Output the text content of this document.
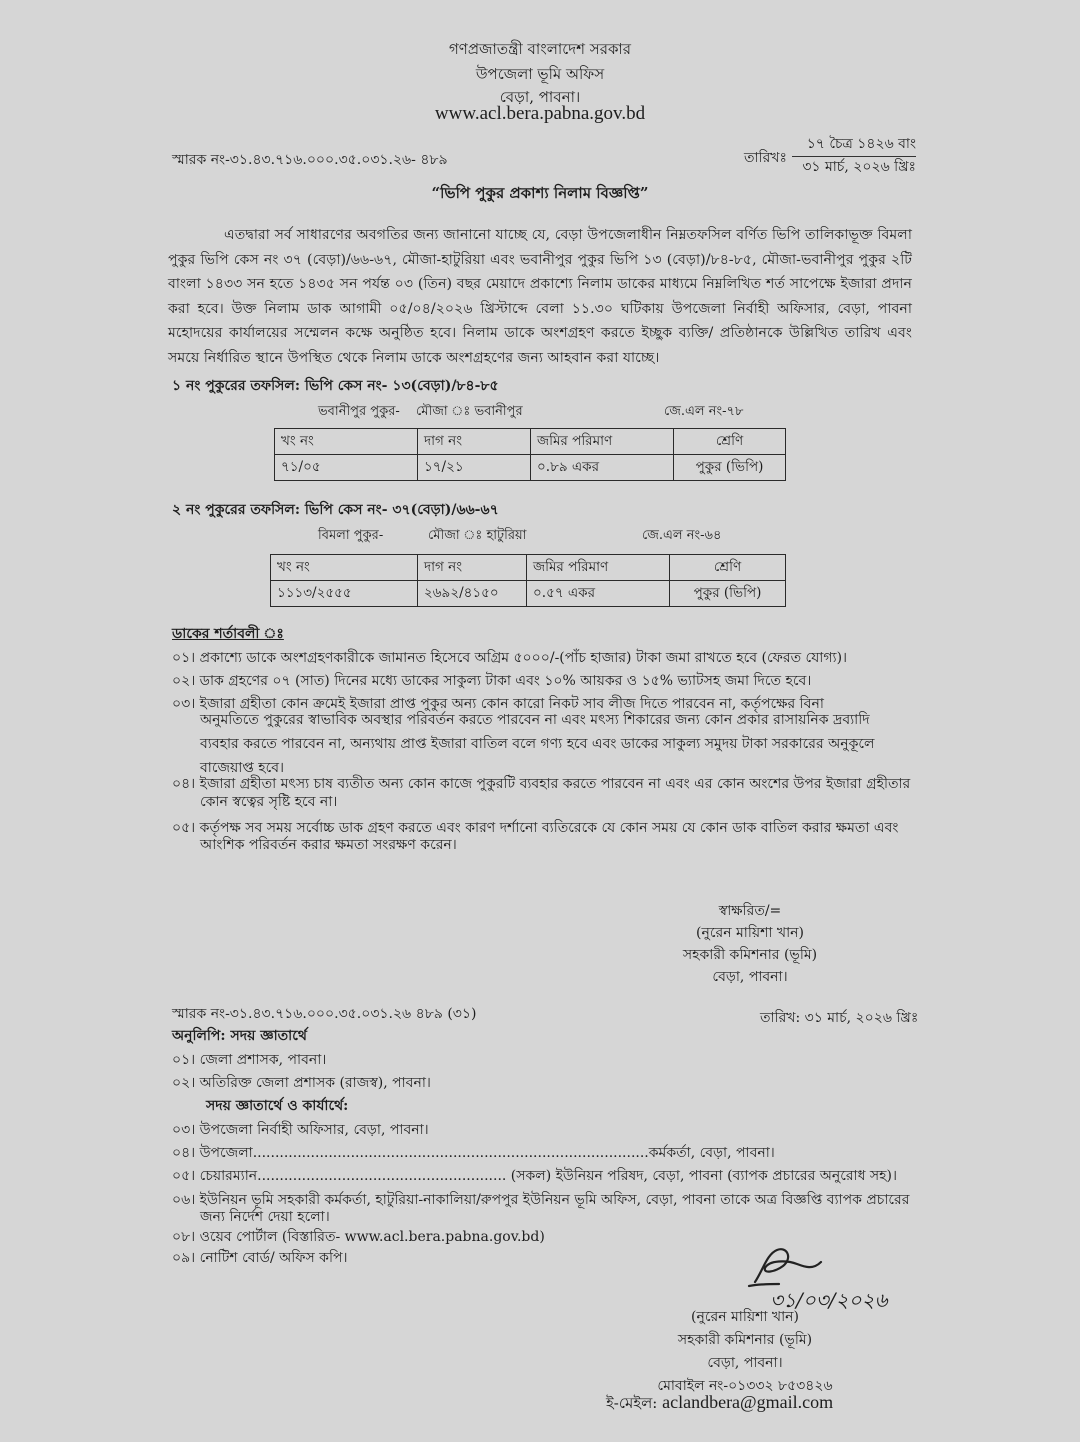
গণপ্রজাতন্ত্রী বাংলাদেশ সরকার
উপজেলা ভূমি অফিস
বেড়া, পাবনা।
www.acl.bera.pabna.gov.bd
স্মারক নং-৩১.৪৩.৭১৬.০০০.৩৫.০৩১.২৬- ৪৮৯	তারিখঃ
১৭ চৈত্র ১৪২৬ বাং
৩১ মার্চ, ২০২৬ খ্রিঃ
“ভিপি পুকুর প্রকাশ্য নিলাম বিজ্ঞপ্তি”
এতদ্বারা সর্ব সাধারণের অবগতির জন্য জানানো যাচ্ছে যে, বেড়া উপজেলাধীন নিম্নতফসিল বর্ণিত ভিপি তালিকাভূক্ত বিমলা পুকুর ভিপি কেস নং ৩৭ (বেড়া)/৬৬-৬৭, মৌজা-হাটুরিয়া এবং ভবানীপুর পুকুর ভিপি ১৩ (বেড়া)/৮৪-৮৫, মৌজা-ভবানীপুর পুকুর ২টি বাংলা ১৪৩৩ সন হতে ১৪৩৫ সন পর্যন্ত ০৩ (তিন) বছর মেয়াদে প্রকাশ্যে নিলাম ডাকের মাধ্যমে নিম্নলিখিত শর্ত সাপেক্ষে ইজারা প্রদান করা হবে। উক্ত নিলাম ডাক আগামী ০৫/০৪/২০২৬ খ্রিস্টাব্দে বেলা ১১.৩০ ঘটিকায় উপজেলা নির্বাহী অফিসার, বেড়া, পাবনা মহোদয়ের কার্যালয়ের সম্মেলন কক্ষে অনুষ্ঠিত হবে। নিলাম ডাকে অংশগ্রহণ করতে ইচ্ছুক ব্যক্তি/ প্রতিষ্ঠানকে উল্লিখিত তারিখ এবং সময়ে নির্ধারিত স্থানে উপস্থিত থেকে নিলাম ডাকে অংশগ্রহণের জন্য আহবান করা যাচ্ছে।
১ নং পুকুরের তফসিল: ভিপি কেস নং- ১৩(বেড়া)/৮৪-৮৫
ভবানীপুর পুকুর- মৌজা ঃ ভবানীপুর	জে.এল নং-৭৮
খং নং	দাগ নং	জমির পরিমাণ	শ্রেণি
৭১/০৫	১৭/২১	০.৮৯ একর	পুকুর (ভিপি)
২ নং পুকুরের তফসিল: ভিপি কেস নং- ৩৭(বেড়া)/৬৬-৬৭
বিমলা পুকুর-	মৌজা ঃ হাটুরিয়া	জে.এল নং-৬৪
খং নং	দাগ নং	জমির পরিমাণ	শ্রেণি
১১১৩/২৫৫৫	২৬৯২/৪১৫০	০.৫৭ একর	পুকুর (ভিপি)
ডাকের শর্তাবলী ঃ
০১। প্রকাশ্যে ডাকে অংশগ্রহণকারীকে জামানত হিসেবে অগ্রিম ৫০০০/-(পাঁচ হাজার) টাকা জমা রাখতে হবে (ফেরত যোগ্য)।
০২। ডাক গ্রহণের ০৭ (সাত) দিনের মধ্যে ডাকের সাকুল্য টাকা এবং ১০% আয়কর ও ১৫% ভ্যাটসহ জমা দিতে হবে।
০৩। ইজারা গ্রহীতা কোন ক্রমেই ইজারা প্রাপ্ত পুকুর অন্য কোন কারো নিকট সাব লীজ দিতে পারবেন না, কর্তৃপক্ষের বিনা
অনুমতিতে পুকুরের স্বাভাবিক অবস্থার পরিবর্তন করতে পারবেন না এবং মৎস্য শিকারের জন্য কোন প্রকার রাসায়নিক দ্রব্যাদি ব্যবহার করতে পারবেন না, অন্যথায় প্রাপ্ত ইজারা বাতিল বলে গণ্য হবে এবং ডাকের সাকুল্য সমুদয় টাকা সরকারের অনুকূলে বাজেয়াপ্ত হবে।
০৪। ইজারা গ্রহীতা মৎস্য চাষ ব্যতীত অন্য কোন কাজে পুকুরটি ব্যবহার করতে পারবেন না এবং এর কোন অংশের উপর ইজারা গ্রহীতার
কোন স্বত্বের সৃষ্টি হবে না।
০৫। কর্তৃপক্ষ সব সময় সর্বোচ্চ ডাক গ্রহণ করতে এবং কারণ দর্শানো ব্যতিরেকে যে কোন সময় যে কোন ডাক বাতিল করার ক্ষমতা এবং
আংশিক পরিবর্তন করার ক্ষমতা সংরক্ষণ করেন।
স্বাক্ষরিত/=
(নুরেন মায়িশা খান)
সহকারী কমিশনার (ভূমি)
বেড়া, পাবনা।
স্মারক নং-৩১.৪৩.৭১৬.০০০.৩৫.০৩১.২৬ ৪৮৯ (৩১)	তারিখ: ৩১ মার্চ, ২০২৬ খ্রিঃ
অনুলিপি: সদয় জ্ঞাতার্থে
০১। জেলা প্রশাসক, পাবনা।
০২। অতিরিক্ত জেলা প্রশাসক (রাজস্ব), পাবনা।
সদয় জ্ঞাতার্থে ও কার্যার্থে:
০৩। উপজেলা নির্বাহী অফিসার, বেড়া, পাবনা।
০৪। উপজেলা.........................................................................................কর্মকর্তা, বেড়া, পাবনা।
০৫। চেয়ারম্যান........................................................ (সকল) ইউনিয়ন পরিষদ, বেড়া, পাবনা (ব্যাপক প্রচারের অনুরোধ সহ)।
০৬। ইউনিয়ন ভূমি সহকারী কর্মকর্তা, হাটুরিয়া-নাকালিয়া/রুপপুর ইউনিয়ন ভূমি অফিস, বেড়া, পাবনা তাকে অত্র বিজ্ঞপ্তি ব্যাপক প্রচারের
জন্য নির্দেশ দেয়া হলো।
০৮। ওয়েব পোর্টাল (বিস্তারিত- www.acl.bera.pabna.gov.bd)
০৯। নোটিশ বোর্ড/ অফিস কপি।
৩১/০৩/২০২৬
(নুরেন মায়িশা খান)
সহকারী কমিশনার (ভূমি)
বেড়া, পাবনা।
মোবাইল নং-০১৩৩২ ৮৫৩৪২৬
ই-মেইল: aclandbera@gmail.com
